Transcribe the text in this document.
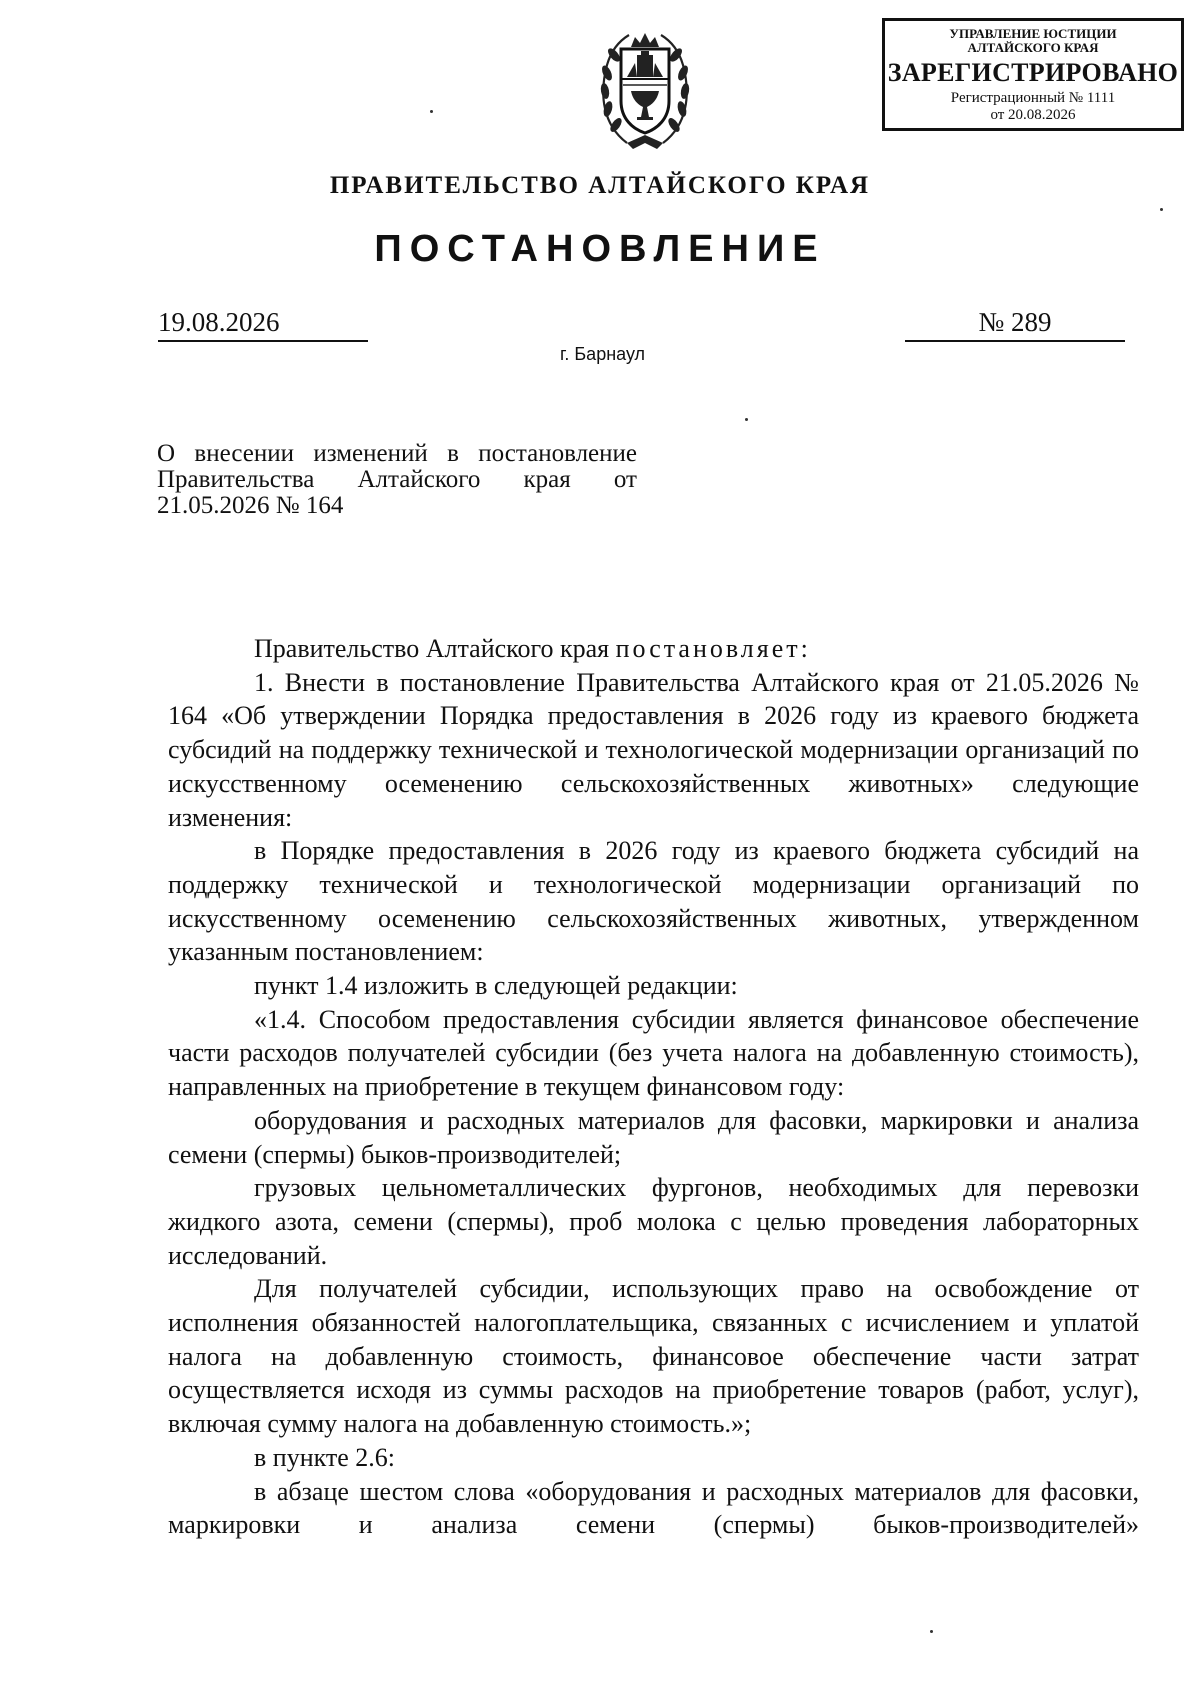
УПРАВЛЕНИЕ ЮСТИЦИИ
АЛТАЙСКОГО КРАЯ
ЗАРЕГИСТРИРОВАНО
Регистрационный № 1111
от 20.08.2026
ПРАВИТЕЛЬСТВО АЛТАЙСКОГО КРАЯ
ПОСТАНОВЛЕНИЕ
19.08.2026	№ 289
г. Барнаул
О внесении изменений в постановление Правительства Алтайского края от 21.05.2026 № 164

Правительство Алтайского края постановляет:

1. Внести в постановление Правительства Алтайского края от 21.05.2026 № 164 «Об утверждении Порядка предоставления в 2026 году из краевого бюджета субсидий на поддержку технической и технологической модернизации организаций по искусственному осеменению сельскохозяйственных животных» следующие изменения:

в Порядке предоставления в 2026 году из краевого бюджета субсидий на поддержку технической и технологической модернизации организаций по искусственному осеменению сельскохозяйственных животных, утвержденном указанным постановлением:

пункт 1.4 изложить в следующей редакции:

«1.4. Способом предоставления субсидии является финансовое обеспечение части расходов получателей субсидии (без учета налога на добавленную стоимость), направленных на приобретение в текущем финансовом году:

оборудования и расходных материалов для фасовки, маркировки и анализа семени (спермы) быков-производителей;

грузовых цельнометаллических фургонов, необходимых для перевозки жидкого азота, семени (спермы), проб молока с целью проведения лабораторных исследований.

Для получателей субсидии, использующих право на освобождение от исполнения обязанностей налогоплательщика, связанных с исчислением и уплатой налога на добавленную стоимость, финансовое обеспечение части затрат осуществляется исходя из суммы расходов на приобретение товаров (работ, услуг), включая сумму налога на добавленную стоимость.»;

в пункте 2.6:

в абзаце шестом слова «оборудования и расходных материалов для фасовки, маркировки и анализа семени (спермы) быков-производителей»
